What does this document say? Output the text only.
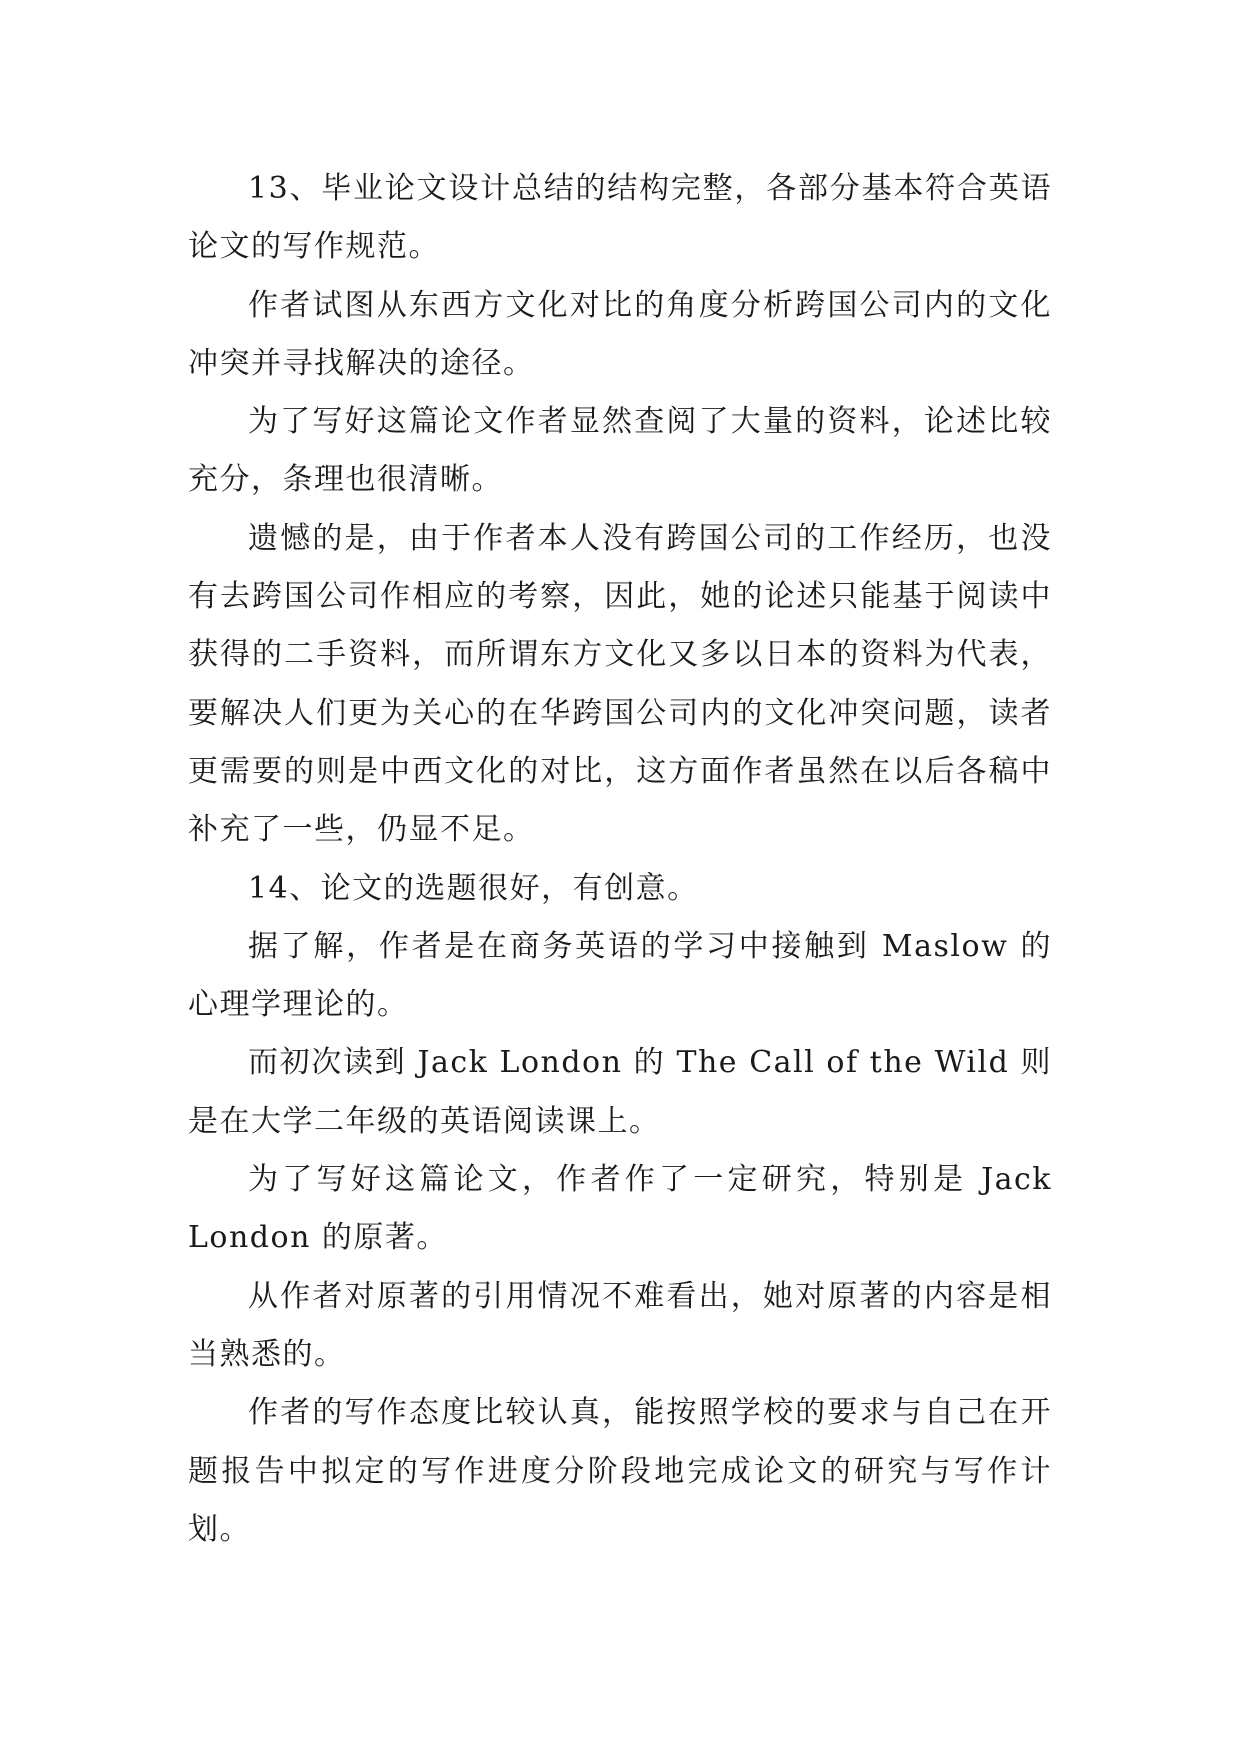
13、毕业论文设计总结的结构完整，各部分基本符合英语论文的写作规范。

作者试图从东西方文化对比的角度分析跨国公司内的文化冲突并寻找解决的途径。

为了写好这篇论文作者显然查阅了大量的资料，论述比较充分，条理也很清晰。

遗憾的是，由于作者本人没有跨国公司的工作经历，也没有去跨国公司作相应的考察，因此，她的论述只能基于阅读中获得的二手资料，而所谓东方文化又多以日本的资料为代表，要解决人们更为关心的在华跨国公司内的文化冲突问题，读者更需要的则是中西文化的对比，这方面作者虽然在以后各稿中补充了一些，仍显不足。

14、论文的选题很好，有创意。

据了解，作者是在商务英语的学习中接触到 Maslow 的心理学理论的。

而初次读到 Jack London 的 The Call of the Wild 则是在大学二年级的英语阅读课上。

为了写好这篇论文，作者作了一定研究，特别是 Jack London 的原著。

从作者对原著的引用情况不难看出，她对原著的内容是相当熟悉的。

作者的写作态度比较认真，能按照学校的要求与自己在开题报告中拟定的写作进度分阶段地完成论文的研究与写作计划。
